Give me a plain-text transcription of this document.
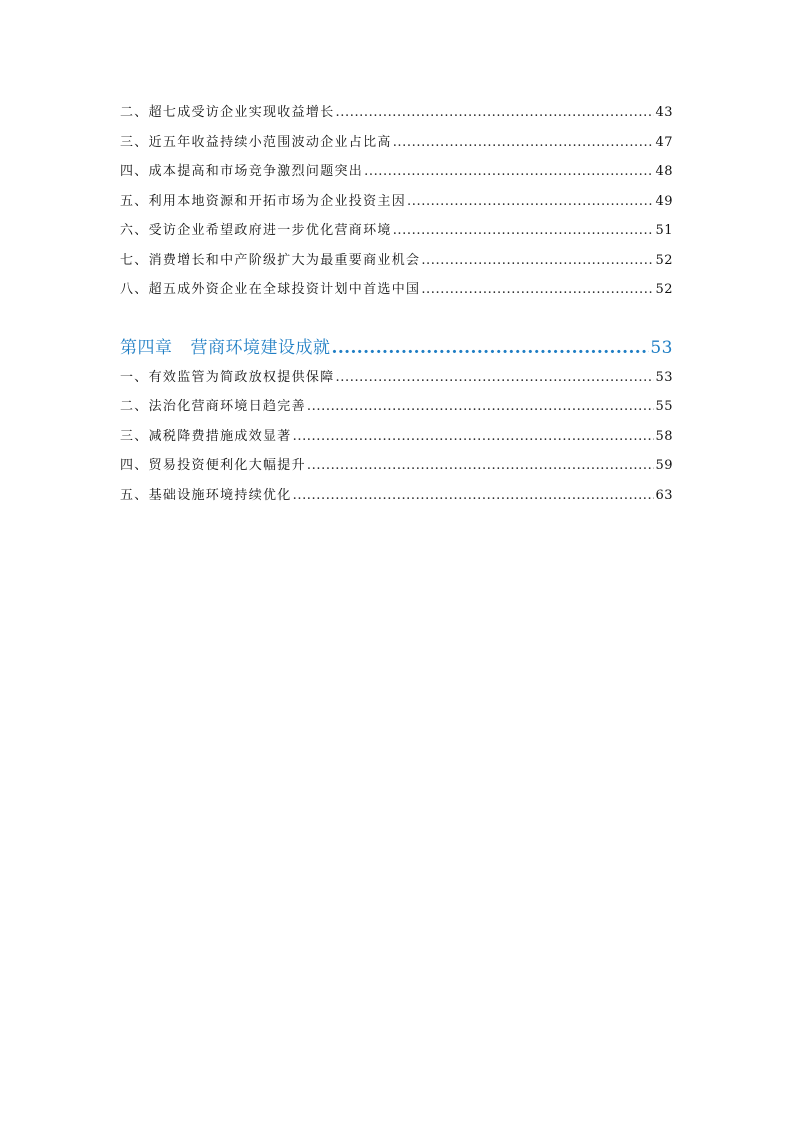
二、超七成受访企业实现收益增长 .....	43
三、近五年收益持续小范围波动企业占比高 .....	47
四、成本提高和市场竞争激烈问题突出 .....	48
五、利用本地资源和开拓市场为企业投资主因 .....	49
六、受访企业希望政府进一步优化营商环境 .....	51
七、消费增长和中产阶级扩大为最重要商业机会 .....	52
八、超五成外资企业在全球投资计划中首选中国 .....	52
第四章 营商环境建设成就 .....	53
一、有效监管为简政放权提供保障 .....	53
二、法治化营商环境日趋完善 .....	55
三、减税降费措施成效显著 .....	58
四、贸易投资便利化大幅提升 .....	59
五、基础设施环境持续优化 .....	63
